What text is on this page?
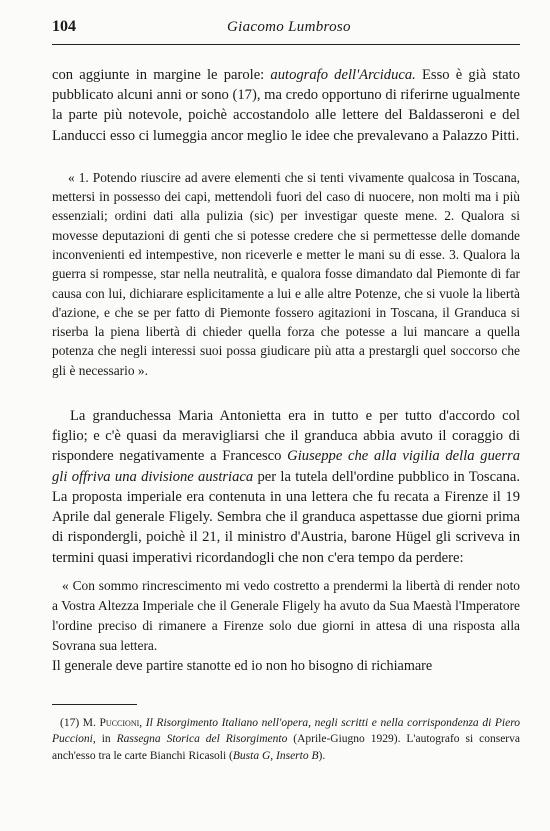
104	Giacomo Lumbroso

con aggiunte in margine le parole: autografo dell'Arciduca. Esso è già stato pubblicato alcuni anni or sono (17), ma credo opportuno di riferirne ugualmente la parte più notevole, poichè accostandolo alle lettere del Baldasseroni e del Landucci esso ci lumeggia ancor meglio le idee che prevalevano a Palazzo Pitti.

« 1. Potendo riuscire ad avere elementi che si tenti vivamente qualcosa in Toscana, mettersi in possesso dei capi, mettendoli fuori del caso di nuocere, non molti ma i più essenziali; ordini dati alla pulizia (sic) per investigar queste mene. 2. Qualora si movesse deputazioni di genti che si potesse credere che si permettesse delle domande inconvenienti ed intempestive, non riceverle e metter le mani su di esse. 3. Qualora la guerra si rompesse, star nella neutralità, e qualora fosse dimandato dal Piemonte di far causa con lui, dichiarare esplicitamente a lui e alle altre Potenze, che si vuole la libertà d'azione, e che se per fatto di Piemonte fossero agitazioni in Toscana, il Granduca si riserba la piena libertà di chieder quella forza che potesse a lui mancare a quella potenza che negli interessi suoi possa giudicare più atta a prestargli quel soccorso che gli è necessario ».

La granduchessa Maria Antonietta era in tutto e per tutto d'accordo col figlio; e c'è quasi da meravigliarsi che il granduca abbia avuto il coraggio di rispondere negativamente a Francesco Giuseppe che alla vigilia della guerra gli offriva una divisione austriaca per la tutela dell'ordine pubblico in Toscana. La proposta imperiale era contenuta in una lettera che fu recata a Firenze il 19 Aprile dal generale Fligely. Sembra che il granduca aspettasse due giorni prima di rispondergli, poichè il 21, il ministro d'Austria, barone Hügel gli scriveva in termini quasi imperativi ricordandogli che non c'era tempo da perdere:

« Con sommo rincrescimento mi vedo costretto a prendermi la libertà di render noto a Vostra Altezza Imperiale che il Generale Fligely ha avuto da Sua Maestà l'Imperatore l'ordine preciso di rimanere a Firenze solo due giorni in attesa di una risposta alla Sovrana sua lettera.

Il generale deve partire stanotte ed io non ho bisogno di richiamare

(17) M. Puccioni, Il Risorgimento Italiano nell'opera, negli scritti e nella corrispondenza di Piero Puccioni, in Rassegna Storica del Risorgimento (Aprile-Giugno 1929). L'autografo si conserva anch'esso tra le carte Bianchi Ricasoli (Busta G, Inserto B).
